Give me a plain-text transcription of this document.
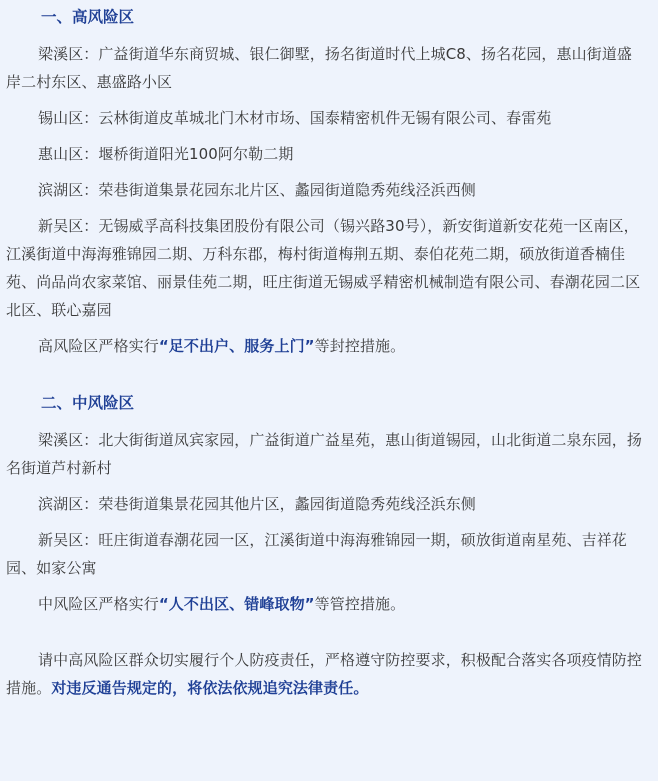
一、高风险区

梁溪区：广益街道华东商贸城、银仁御墅，扬名街道时代上城C8、扬名花园，惠山街道盛岸二村东区、惠盛路小区

锡山区：云林街道皮革城北门木材市场、国泰精密机件无锡有限公司、春雷苑

惠山区：堰桥街道阳光100阿尔勒二期

滨湖区：荣巷街道集景花园东北片区、蠡园街道隐秀苑线泾浜西侧

新吴区：无锡威孚高科技集团股份有限公司（锡兴路30号），新安街道新安花苑一区南区，江溪街道中海海雅锦园二期、万科东郡，梅村街道梅荆五期、泰伯花苑二期，硕放街道香楠佳苑、尚品尚农家菜馆、丽景佳苑二期，旺庄街道无锡威孚精密机械制造有限公司、春潮花园二区北区、联心嘉园

高风险区严格实行“足不出户、服务上门”等封控措施。

二、中风险区

梁溪区：北大街街道凤宾家园，广益街道广益星苑，惠山街道锡园，山北街道二泉东园，扬名街道芦村新村

滨湖区：荣巷街道集景花园其他片区，蠡园街道隐秀苑线泾浜东侧

新吴区：旺庄街道春潮花园一区，江溪街道中海海雅锦园一期，硕放街道南星苑、吉祥花园、如家公寓

中风险区严格实行“人不出区、错峰取物”等管控措施。

请中高风险区群众切实履行个人防疫责任，严格遵守防控要求，积极配合落实各项疫情防控措施。对违反通告规定的，将依法依规追究法律责任。
